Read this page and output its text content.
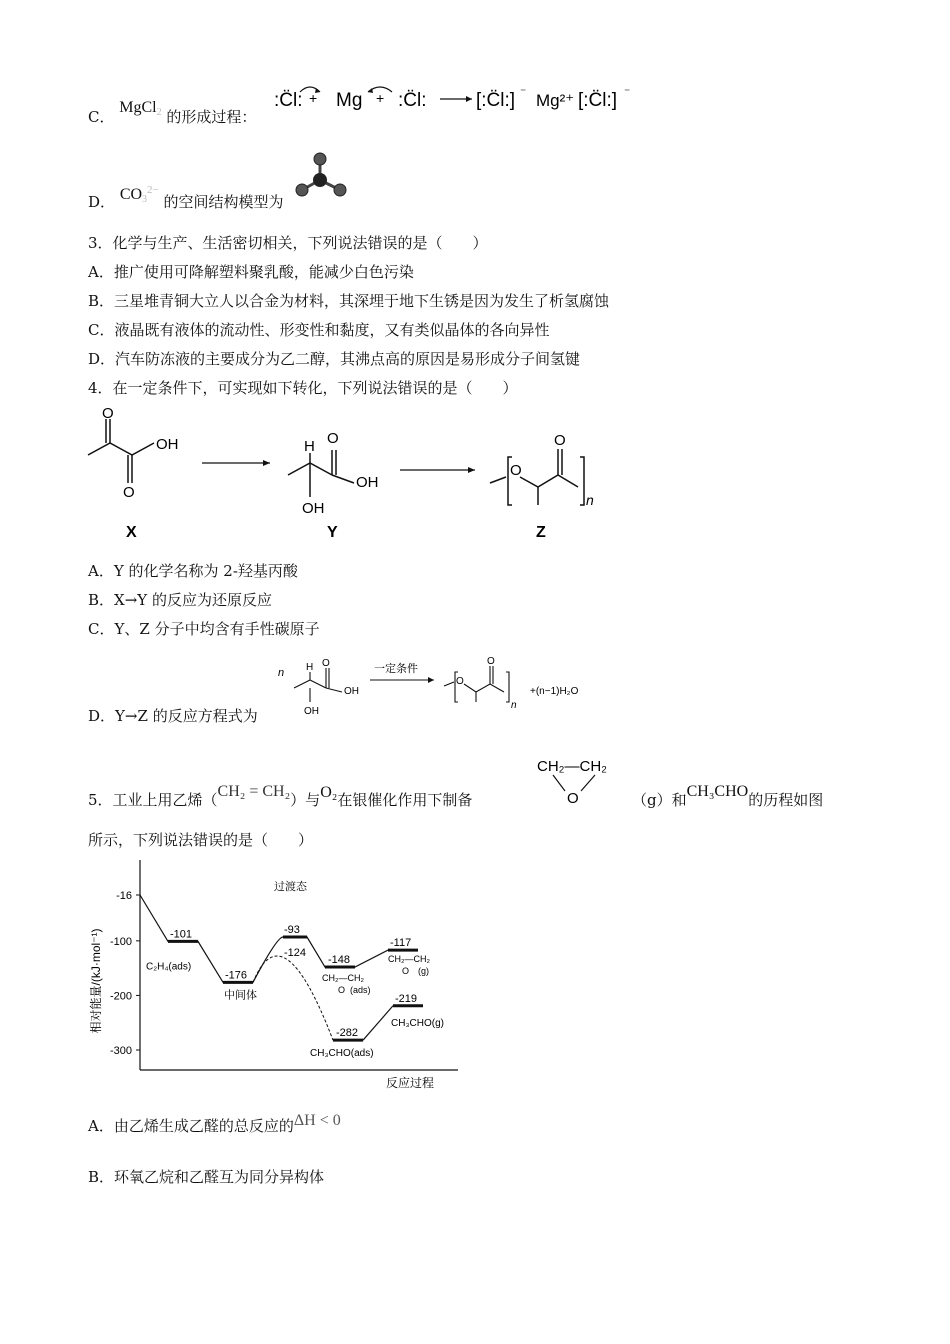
C． MgCl$_2$ 的形成过程：
:C̈l: + Mg + :C̈l:	[:C̈l:] ⁻ Mg²⁺ [:C̈l:] ⁻
D． $CO_3^{2-}$ 的空间结构模型为
3．化学与生产、生活密切相关，下列说法错误的是（　　）
A．推广使用可降解塑料聚乳酸，能减少白色污染
B．三星堆青铜大立人以合金为材料，其深埋于地下生锈是因为发生了析氢腐蚀
C．液晶既有液体的流动性、形变性和黏度，又有类似晶体的各向异性
D．汽车防冻液的主要成分为乙二醇，其沸点高的原因是易形成分子间氢键
4．在一定条件下，可实现如下转化，下列说法错误的是（　　）
O
O
OH
X
H O
OH
OH
Y
O
O
n
Z
A．Y 的化学名称为 2-羟基丙酸
B．X→Y 的反应为还原反应
C．Y、Z 分子中均含有手性碳原子
D．Y→Z 的反应方程式为
n H O
OH
OH
一定条件
O
O
n
+(n−1)H₂O
5．工业上用乙烯（CH₂ = CH₂）与O₂在银催化作用下制备
CH₂—CH₂
O	（g）和CH₃CHO的历程如图
所示，下列说法错误的是（　　）
相对能量/(kJ·mol⁻¹)
反应过程
-16
-100
-200
-300
-101
-176
-93
-124
-148
-117
-282
-219
过渡态
中间体
C₂H₄(ads)
CH₃CHO(ads)
CH₃CHO(g)
CH₂—CH₂
O (ads)
CH₂—CH₂
O (g)
A．由乙烯生成乙醛的总反应的ΔH < 0
B．环氧乙烷和乙醛互为同分异构体
